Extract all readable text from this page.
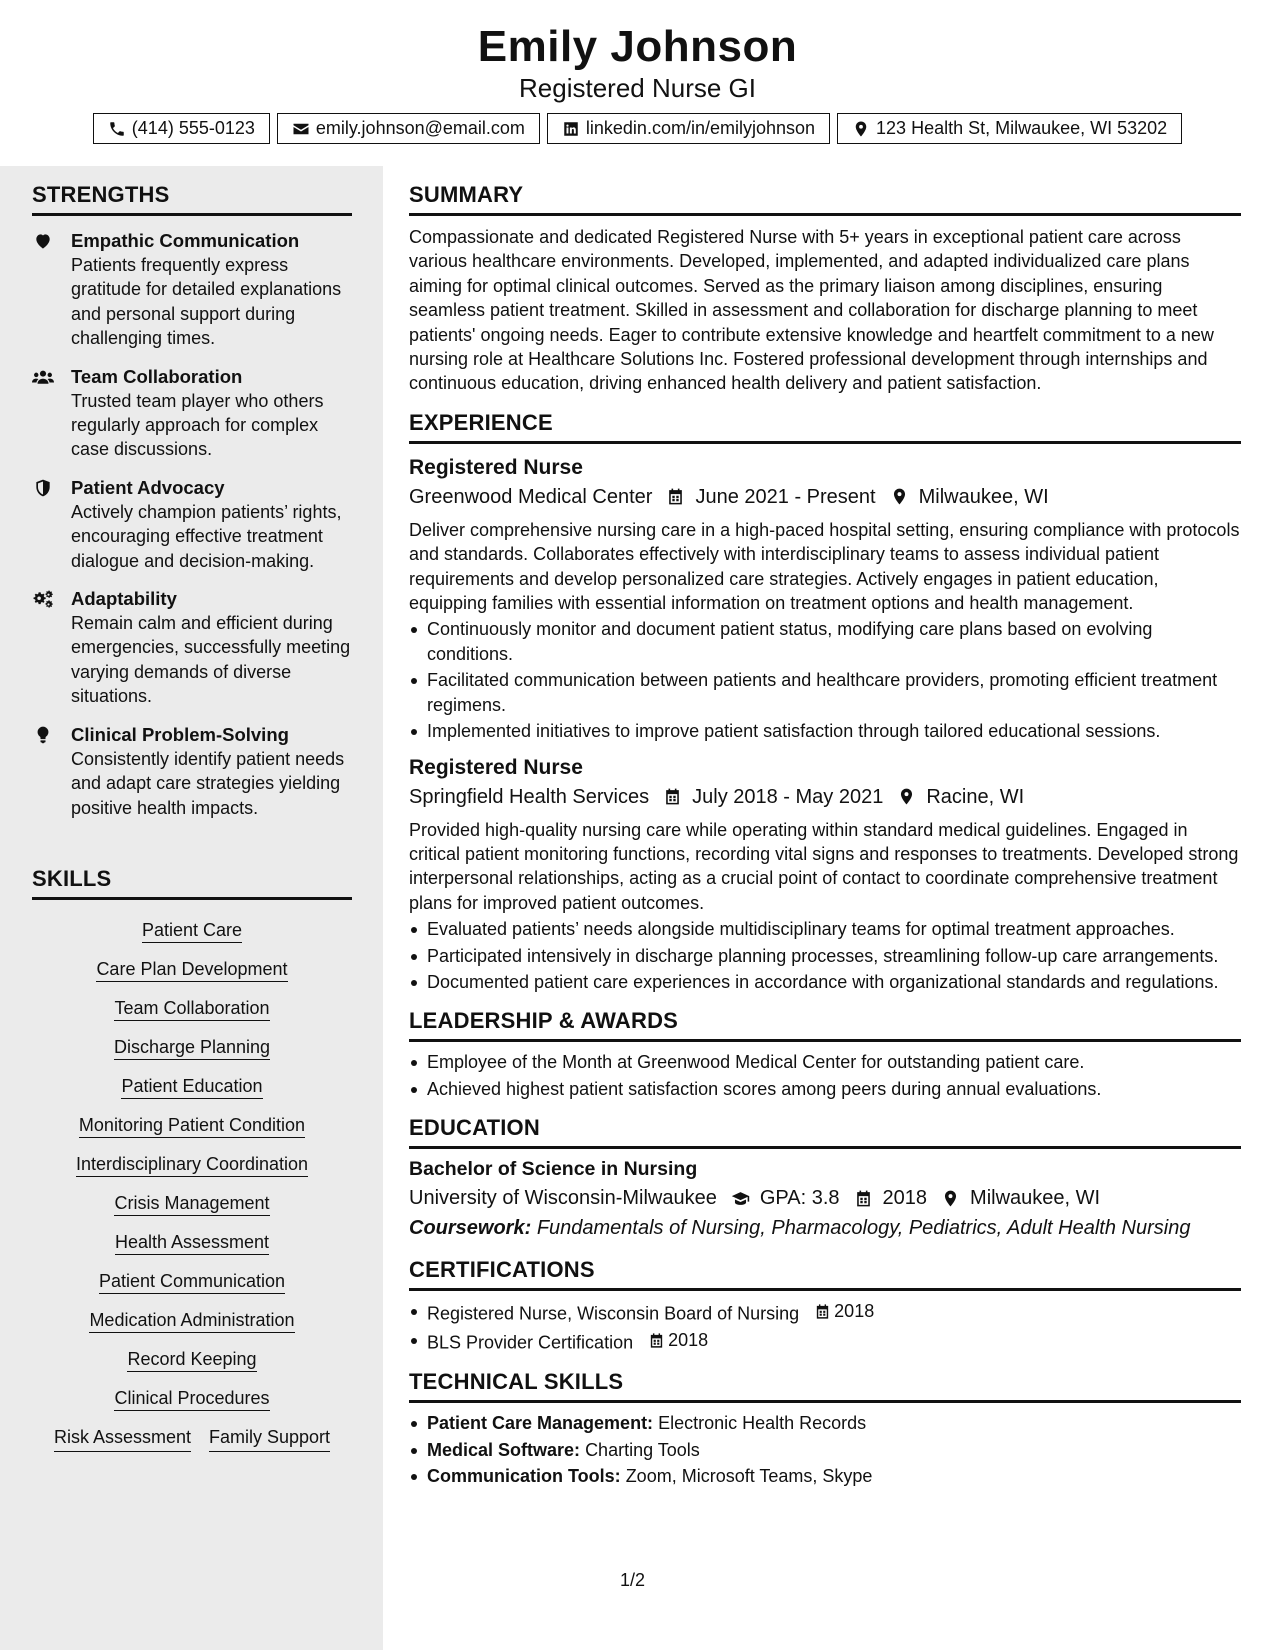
Emily Johnson
Registered Nurse GI
(414) 555-0123	emily.johnson@email.com	linkedin.com/in/emilyjohnson	123 Health St, Milwaukee, WI 53202
STRENGTHS
Empathic Communication
Patients frequently express gratitude for detailed explanations and personal support during challenging times.
Team Collaboration
Trusted team player who others regularly approach for complex case discussions.
Patient Advocacy
Actively champion patients’ rights, encouraging effective treatment dialogue and decision-making.
Adaptability
Remain calm and efficient during emergencies, successfully meeting varying demands of diverse situations.
Clinical Problem-Solving
Consistently identify patient needs and adapt care strategies yielding positive health impacts.
SKILLS
Patient Care
Care Plan Development
Team Collaboration
Discharge Planning
Patient Education
Monitoring Patient Condition
Interdisciplinary Coordination
Crisis Management
Health Assessment
Patient Communication
Medication Administration
Record Keeping
Clinical Procedures
Risk Assessment Family Support
SUMMARY
Compassionate and dedicated Registered Nurse with 5+ years in exceptional patient care across various healthcare environments. Developed, implemented, and adapted individualized care plans aiming for optimal clinical outcomes. Served as the primary liaison among disciplines, ensuring seamless patient treatment. Skilled in assessment and collaboration for discharge planning to meet patients' ongoing needs. Eager to contribute extensive knowledge and heartfelt commitment to a new nursing role at Healthcare Solutions Inc. Fostered professional development through internships and continuous education, driving enhanced health delivery and patient satisfaction.
EXPERIENCE
Registered Nurse
Greenwood Medical Center June 2021 - Present Milwaukee, WI
Deliver comprehensive nursing care in a high-paced hospital setting, ensuring compliance with protocols and standards. Collaborates effectively with interdisciplinary teams to assess individual patient requirements and develop personalized care strategies. Actively engages in patient education, equipping families with essential information on treatment options and health management.
Continuously monitor and document patient status, modifying care plans based on evolving conditions.
Facilitated communication between patients and healthcare providers, promoting efficient treatment regimens.
Implemented initiatives to improve patient satisfaction through tailored educational sessions.
Registered Nurse
Springfield Health Services July 2018 - May 2021 Racine, WI
Provided high-quality nursing care while operating within standard medical guidelines. Engaged in critical patient monitoring functions, recording vital signs and responses to treatments. Developed strong interpersonal relationships, acting as a crucial point of contact to coordinate comprehensive treatment plans for improved patient outcomes.
Evaluated patients’ needs alongside multidisciplinary teams for optimal treatment approaches.
Participated intensively in discharge planning processes, streamlining follow-up care arrangements.
Documented patient care experiences in accordance with organizational standards and regulations.
LEADERSHIP & AWARDS
Employee of the Month at Greenwood Medical Center for outstanding patient care.
Achieved highest patient satisfaction scores among peers during annual evaluations.
EDUCATION
Bachelor of Science in Nursing
University of Wisconsin-Milwaukee GPA: 3.8 2018 Milwaukee, WI
Coursework: Fundamentals of Nursing, Pharmacology, Pediatrics, Adult Health Nursing
CERTIFICATIONS
Registered Nurse, Wisconsin Board of Nursing 2018
BLS Provider Certification 2018
TECHNICAL SKILLS
Patient Care Management: Electronic Health Records
Medical Software: Charting Tools
Communication Tools: Zoom, Microsoft Teams, Skype
1/2
